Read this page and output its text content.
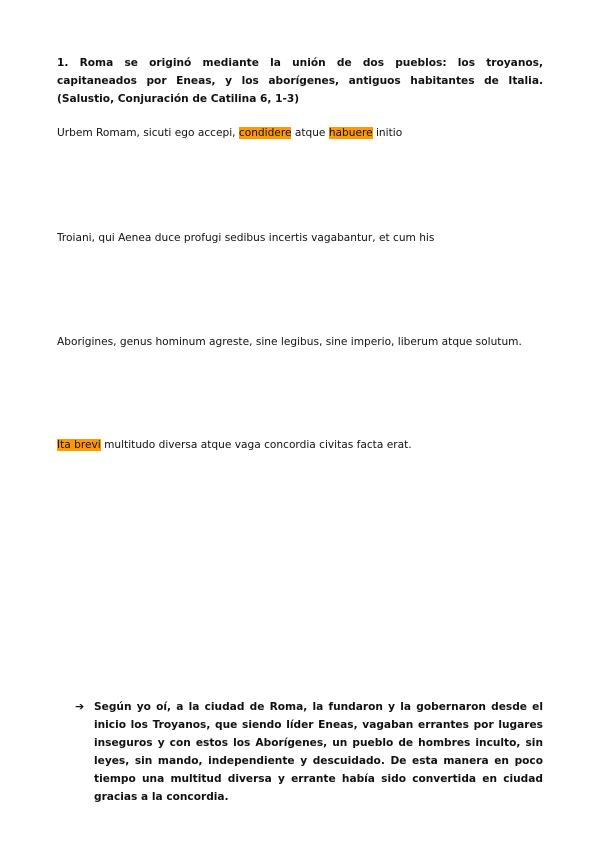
1. Roma se originó mediante la unión de dos pueblos: los troyanos, capitaneados por Eneas, y los aborígenes, antiguos habitantes de Italia. (Salustio, Conjuración de Catilina 6, 1-3)

Urbem Romam, sicuti ego accepi, condidere atque habuere initio

Troiani, qui Aenea duce profugi sedibus incertis vagabantur, et cum his

Aborigines, genus hominum agreste, sine legibus, sine imperio, liberum atque solutum.

Ita brevi multitudo diversa atque vaga concordia civitas facta erat.

➔ Según yo oí, a la ciudad de Roma, la fundaron y la gobernaron desde el inicio los Troyanos, que siendo líder Eneas, vagaban errantes por lugares inseguros y con estos los Aborígenes, un pueblo de hombres inculto, sin leyes, sin mando, independiente y descuidado. De esta manera en poco tiempo una multitud diversa y errante había sido convertida en ciudad gracias a la concordia.
